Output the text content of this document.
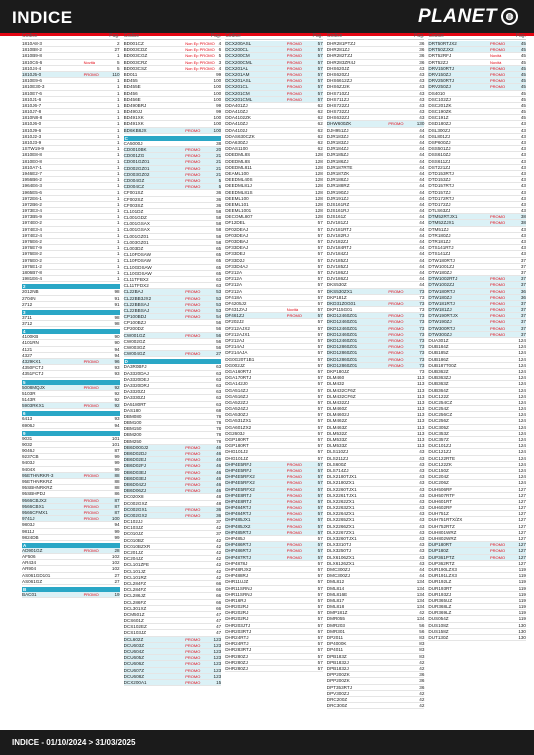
INDICE	PLANET ◍
Codice	Pag.
1810A8-3	2
1810B8-2	27
1810B9-8	1
1810C6-6	Novità	5
1810J4-4	5
1810J5-0	PROMO	110
1810E9-6	1
1810E30-3	1
1810E7-6	1
1810J1-6	1
1810J6-7	1
1810J7-8	1
1810N8-8	1
1810J6-0	1
1810J9-6	1
1810J2-3	1
1810J3-9	1
1STW19-9	1
1810E8-8	1
1810E0-8	1
1810A7-1	1
1946E2-7	1
1956B6-2	1
1964E6-3	1
1965E5-6	1
1972E6-1	1
1972B6-2	1
1973E3-4	1
1973B5-9	1
1974E0-2	1
1974E3-4	1
1974E2-4	1
1976E6-2	1
1976E7-9	1
1976E8-2	1
1976E0-2	1
1976E1-2	1
1806B7-8	1
1981E6-4	1
2
2012NB	98
2704N	91
2712	91
3
3711	98
3712	98
4
4100KB	90
4101RN	90
4121	94
4327	94
4329KX1	PROMO	96
4350FCTJ	93
4351FCTJ	93
5
5008MQJX	PROMO	92
5103R	92
5143R	92
5903RKX1	PROMO	92
6
6413	93
6906J	94
9
9031	101
9032	101
9046J	87
9237CB	99
9403J	99
9404X	99
95ETHNRKR-3	PROMO	88
95ETHNRKRZ	88
95SBHNRKRZ	88
95SBHPDJ	86
9566CBJX2	PROMO	87
9566CBX1	PROMO	87
9566CFMX1	PROMO	87
9741J	PROMO	100
9803J	94
9811J	99
9824DB	99
A
AD901GZ	PROMO	28
AF506	102
AR434	102
AR904	102
AS061GD101	27
AS061GZ	27
B
BAC01	PROMO	19
Codice	Pag.
BD001CZ	Non Ep PROMO 4
BD003CDZ	Non Ep PROMO 6
BD003CGZ	Non Ep PROMO 5
BD003CRZ	Non Ep PROMO 3
BD003CSZ	Non Ep PROMO 4
BD011	99
BD455	100
BD455E	100
BD456	100
BD456E	100
BD490BRJ	99
BD490JJ	99
BD491XK	100
BD491XK	100
BD6KB8JX	PROMO	100
C
CA5000J	38
CD0010BK	PROMO	20
CD001ZG	PROMO	21
CD001GZ01	PROMO	21
CD002GZ01	PROMO	21
CD003GZ02	PROMO	21
CD004GZ	PROMO	5
CD004CZ	PROMO	5
CF001SZ	36
CF002SZ	36
CF003SZ	36
CL101DZ	58
CL001GDZ	58
CL001GSAX	58
CL001GSAX	58
CL001GZ01	58
CL003GZ01	58
CL003DZ	65
CL10FDSAW	65
CL10FDSAW	65
CL10GDSAW	65
CL10GDSAW	65
CL11TFBX2	63
CL11TFDX2	63
CL22BAJ	PROMO	53
CL22BB3JX2	PROMO	53
CL22BBSAJ	PROMO	53
CL22BBSAJ	PROMO	53
CP100BDJ	PROMO	54
CP100BZJ	56
CP200DZ	56
CW001GZ	PROMO	56
CW002GZ	56
CW003GZ	56
CW004GZ	PROMO	27
D
DA3R0BFJ	63
DA3320DAJ	63
DA3320DEJ	63
DA3320DRJ	63
DA3320ZJ	63
DA3330ZJ	63
DA5180RT	63
DAS180	68
DBM080	78
DBM100	78
DBM150	78
DBM200	78
DBM250	78
DB6D000J2	PROMO	46
DB6D02DJ	PROMO	46
DB6D02EJ	PROMO	46
DB6D02FJ	PROMO	46
DB6D03EJ	PROMO	46
DB6D03EJ	PROMO	46
DB6D04ZJ	PROMO	46
DB6D06ZJ	PROMO	46
DC020X8	48
DC002GXZ	48
DC002GX1	PROMO	36
DC002GX2	PROMO	36
DC102JJ	37
DC103JZ	42
DC010JZ	37
DC010BZ	42
DC010BZXR	42
DC201JZ	42
DC204JZ	42
DCL101ZFE	42
DCL101JZ	42
DCL101RZ	42
DCL284FZ	66
DCL284FZ	66
DCL286JZ	66
DCL286FZ	66
DCL301XZ	66
DCM501Z	47
DCS601Z	47
DCS102EZ	47
DCS103JZ	47
DCL602Z	PROMO	123
DCU603Z	PROMO	123
DCU604Z	PROMO	123
DCU605Z	PROMO	123
DCU606Z	PROMO	123
DCU607Z	PROMO	123
DCU608Z	PROMO	123
DCX200A1	PROMO	15
Codice	Pag.
DCX200ASL	PROMO	57
DCX200CL	PROMO	57
DCX200CM	PROMO	57
DCX200CML	PROMO	57
DCX201AL	PROMO	57
DCX201AM	PROMO	57
DCX201ASL	PROMO	57
DCX201CL	PROMO	57
DCX201CM	PROMO	57
DCX201CML	PROMO	57
DDA401ZJ	62
DDA410ZJ	62
DDA4102ZK	62
DDA410ZJ	62
DDA4102J	62
DDAS630CZK	62
DDA630ZJ	62
DDAS1100	62
DDEDML8S	128
DDEDML8S	128
DDEDML811	128
DEAML100	128
DEEDML40S	128
DEEDML81J	128
DEEDML81S	128
DEEML100	128
DEEML101	128
DEEML1001	128
DECOML807	128
DF12DEL	57
DF02DEAJ	57
DF03DEAJ	57
DF03DBAJ	57
DF33DEAJ	57
DF33DEJ	57
DF33D2J	57
DF33D4AJ	57
DF212A	57
DF212A	57
DF212A	57
DF212A	57
DF418A	57
DF4205J2	57
DF431ZAJ	Novità	57
DF461ZJ	PROMO	57
DF202J2	57
DF212AJX2	57
DF212AJX1	57
DF212AJ	57
DF214AJ	57
DF214AJA	57
DG0G20T1B1	57
DG002JZ	57
DGA160RTJ	57
DGA170RTJ	57
DGA142J0	57
DGA514ZJ	57
DGA516ZJ	57
DGA522ZJ	57
DGA524ZJ	57
DGA530ZJ	57
DGA531ZX1	57
DGA601ZX2	57
DG2603J	57
DGP180RT	57
DGP180RT	57
DHG101J2	57
DHG101JZ	57
DHP4E5RFJ	PROMO	57
DHP4E5RFJ	PROMO	57
DHP4E5RFX2	PROMO	57
DHP4E5RFX2	PROMO	57
DHP4E5RFX2	PROMO	57
DHP4E8RTJ	PROMO	57
DHP4E8RTJ	PROMO	57
DHP484RTJ	PROMO	57
DHP484RTJ	PROMO	57
DHP485JX1	PROMO	57
DHP485JX2	PROMO	57
DHP485RTJ	PROMO	57
DHP485J	57
DHP486RTJ	PROMO	57
DHP486RTJ	PROMO	57
DHP487RTJ	PROMO	57
DHP4878J	57
DHP48RJX2	57
DHP488RJ	57
DHR11UJZ	57
DHR11SRNJ	57
DHR11SRNJ	57
DHR16RJ	57
DHR202RJ	57
DHR202RJ	57
DHR202RJ	57
DHR203JTJ	57
DHR203RTJ	57
DHR24RTJ	57
DHR24RTJ	57
DHR283RTJ	57
DHR280ZJ	57
DHR280ZJ	57
DHR280ZJ	57
Codice	Pag.
DHR281PTZJ	36
DHR281ZJ	36
DHR282TZJ	36
DHR283ZR4J	36
DHS620JZ	43
DHS620ZJ	43
DHS6612ZJ	43
DHS6ZJ2K	43
DHS710ZJ	43
DHS711ZJ	43
DHS722ZJ	43
DHS732ZJ	43
DHS632ZJ	43
DHW600ZK	PROMO	130
DJH951ZJ	44
DJR183ZJ	44
DJR183ZJ	44
DJR184ZJ	44
DJR185ZJ	44
DJR186ZJ	44
DJR187RTE	44
DJR187ZK	44
DJR188ZJ	44
DJR188RZ	44
DJR190ZJ	44
DJR191ZJ	44
DJS161RZ	44
DJS161RJ	44
DJS161Z	44
DJV181ZJ	44
DJV181RTJ	44
DJV182RJ	44
DJV182ZJ	44
DJV184RTJ	44
DJV184ZJ	44
DJV185ZJ	44
DJV185ZJ	44
DJV186ZJ	44
DJV186ZJ	44
DKS530Z	44
DKS530ZX1	PROMO	73
DKP181Z	73
DKD31Z0G01	PROMO	73
DKP115G01	73
DKD12460Z01	PROMO	73
DKD12460Z01	PROMO	73
DKD12460Z01	PROMO	73
DKD12460Z01	PROMO	73
DKD12460Z01	PROMO	73
DKD12860Z01	PROMO	73
DKD12860Z01	PROMO	73
DKD12860Z01	PROMO	73
DKD12860Z01	PROMO	73
DKP180JZ	73
DLM460	113
DLM432	113
DLM432CF6Z	113
DLM432CF6Z	113
DLM432ZJ	113
DLM460Z	113
DLM4602J	113
DLM462Z	113
DLM463Z	113
DLM532Z	113
DLM533Z	113
DLM533Z	113
DLS110ZJ	43
DLS211ZJ	43
DLS600Z	43
DLS714ZJ	43
DLX2180TJX1	43
DLX2180ZX1	43
DLX2260TJX1	43
DLX2261TJX1	43
DLX2262ZX1	43
DLX2263ZX1	43
DLX2264ZX1	43
DLX2265ZX1	43
DLX2266ZX1	43
DLX2267ZX1	43
DLX3260TJX1	43
DLX3310TJ	43
DLX3250TJ	43
DLX6106ZX1	43
DLX6126ZX1	43
DMC300ZJ	44
DMC300ZJ	44
DML812	134
DML814	134
DML816E	134
DML817	134
DML818	134
DMP181Z	42
DMR055	134
DMR203	56
DMR301	56
DP2011	83
DP4000K	83
DP4011	83
DPB183Z	83
DPB1832J	42
DPB1832J	42
DPP200ZK	36
DPP200ZK	36
DPT353RTJ	36
DPV300ZJ	42
DRC200Z	42
DRC300Z	42
Codice	Pag.
DRT50RTJX2	PROMO	45
DRT50ZJX2	PROMO	45
DRT52RFJ	Novità	45
DRT52ZJ	Novità	45
DRV150RTJ	PROMO	45
DRV150ZJ	PROMO	45
DRV250RTJ	PROMO	45
DRV250ZJ	PROMO	45
DS4010	45
DSC102ZJ	45
DSC201ZK	45
DSC190ZK	45
DSC191Z	45
DSD180ZJ	43
DSL300ZJ	43
DSL801ZJ	43
DSP600ZJ	43
DSS501ZJ	43
DSS610ZJ	43
DSS611ZJ	43
DST221ZJ	43
DTD153RTJ	43
DTD153ZJ	43
DTD157RTJ	43
DTD157ZJ	43
DTD172RTJ	43
DTD172ZJ	43
DTLS63ZJ	43
DTM52RTJX1	PROMO	38
DTM52ZJX1	PROMO	38
DTM51ZJ	43
DTR180ZJ	43
DTR181ZJ	43
DTS141RTJ	43
DTS141ZJ	43
DTW180RTJ	37
DTW1001ZJ	37
DTW180ZJ	37
DTW1002RTJ	PROMO	37
DTW1002ZJ	PROMO	37
DTW180RTJ	PROMO	36
DTW180ZJ	PROMO	36
DTW181RTJ	PROMO	37
DTW181ZJ	PROMO	37
DTW190RTJX	PROMO	37
DTW190ZJ	PROMO	37
DTW300RTJ	PROMO	37
DTW300ZJ	PROMO	37
DUA301Z	124
DUB184Z	124
DUB185Z	124
DUB186Z	124
DUB187T00Z	124
DUB362Z	124
DUB363ZJ	124
DUB363Z	124
DUB364Z	124
DUC122Z	124
DUC254CZ	124
DUC254Z	124
DUC256CZ	124
DUC256Z	124
DUC305Z	124
DUC353Z	124
DUC357Z	124
DUC101ZJ	124
DUC121ZJ	124
DUC122RTE	124
DUC122ZK	124
DUC150Z	124
DUC204Z	124
DUC206Z	124
DUH506RF	127
DUH507RTF	127
DUH601RT	127
DUH602RF	127
DUH751Z	127
DUH751RTX/ZX	127
DUH752RTZ	127
DUH801WRZ	127
DUH802WRZ	127
DUP180RT	PROMO	127
DUP180Z	PROMO	127
DUP361PTZ	PROMO	127
DUP362RTZ	127
DUR190LZX3	119
DUR191LZX3	119
DUR192LZ	119
DUR193RT	119
DUR193ZJ	119
DUR365UZ	119
DUR368LZ	119
DUR369LZ	119
DUS054Z	119
DUS108Z	130
DUS158Z	130
DUT130Z	130
INDICE - 01/10/2024 > 31/03/2025
